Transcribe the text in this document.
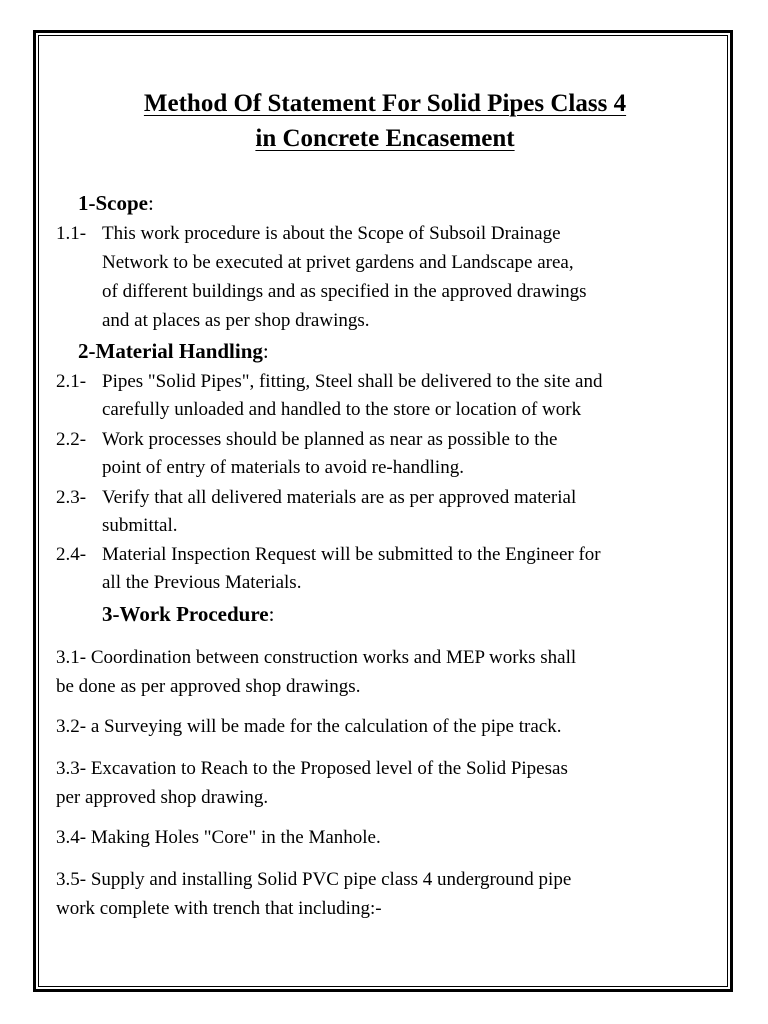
Method Of Statement For Solid Pipes Class 4
in Concrete Encasement
1-Scope:
1.1- This work procedure is about the Scope of Subsoil Drainage
Network to be executed at privet gardens and Landscape area,
of different buildings and as specified in the approved drawings
and at places as per shop drawings.
2-Material Handling:
2.1- Pipes "Solid Pipes", fitting, Steel shall be delivered to the site and
carefully unloaded and handled to the store or location of work
2.2- Work processes should be planned as near as possible to the
point of entry of materials to avoid re-handling.
2.3- Verify that all delivered materials are as per approved material
submittal.
2.4- Material Inspection Request will be submitted to the Engineer for
all the Previous Materials.
3-Work Procedure:
3.1- Coordination between construction works and MEP works shall
be done as per approved shop drawings.
3.2- a Surveying will be made for the calculation of the pipe track.
3.3- Excavation to Reach to the Proposed level of the Solid Pipesas
per approved shop drawing.
3.4- Making Holes "Core" in the Manhole.
3.5- Supply and installing Solid PVC pipe class 4 underground pipe
work complete with trench that including:-
